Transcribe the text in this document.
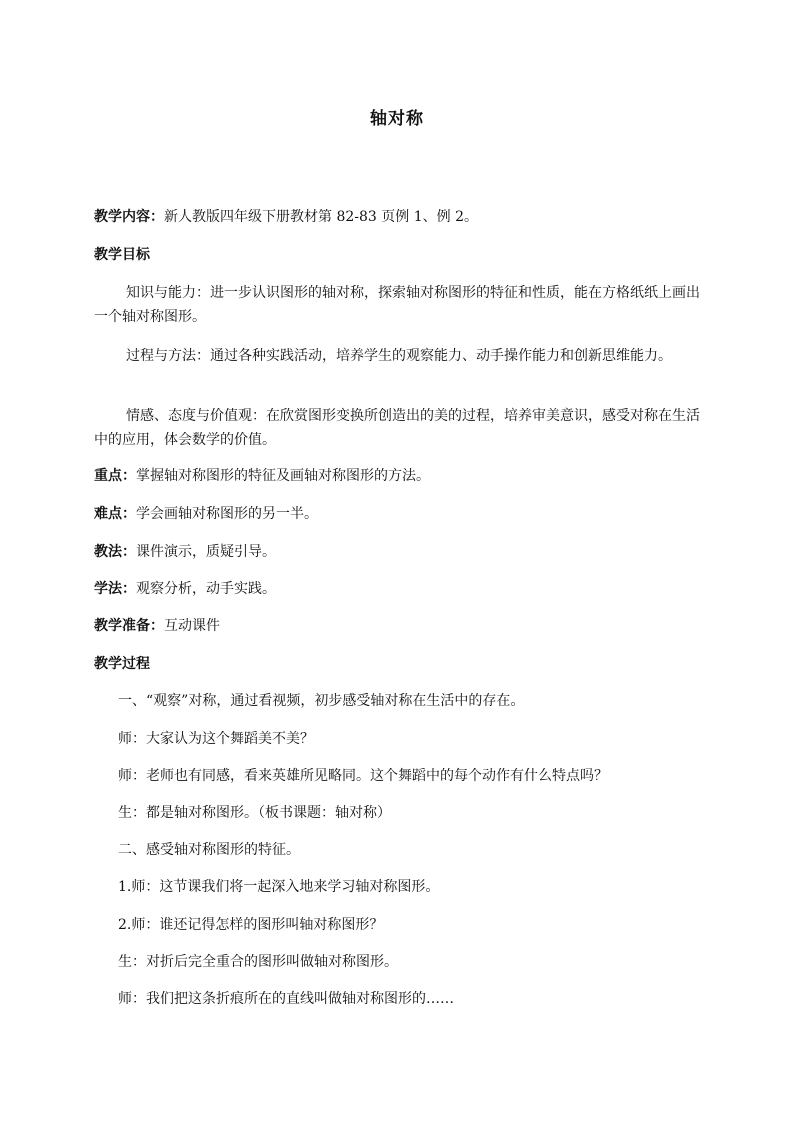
轴对称
教学内容：新人教版四年级下册教材第 82-83 页例 1、例 2。
教学目标
知识与能力：进一步认识图形的轴对称，探索轴对称图形的特征和性质，能在方格纸纸上画出一个轴对称图形。
过程与方法：通过各种实践活动，培养学生的观察能力、动手操作能力和创新思维能力。
情感、态度与价值观：在欣赏图形变换所创造出的美的过程，培养审美意识，感受对称在生活中的应用，体会数学的价值。
重点：掌握轴对称图形的特征及画轴对称图形的方法。
难点：学会画轴对称图形的另一半。
教法：课件演示，质疑引导。
学法：观察分析，动手实践。
教学准备：互动课件
教学过程
一、“观察”对称，通过看视频，初步感受轴对称在生活中的存在。
师：大家认为这个舞蹈美不美？
师：老师也有同感，看来英雄所见略同。这个舞蹈中的每个动作有什么特点吗？
生：都是轴对称图形。（板书课题：轴对称）
二、感受轴对称图形的特征。
1.师：这节课我们将一起深入地来学习轴对称图形。
2.师：谁还记得怎样的图形叫轴对称图形？
生：对折后完全重合的图形叫做轴对称图形。
师：我们把这条折痕所在的直线叫做轴对称图形的……
